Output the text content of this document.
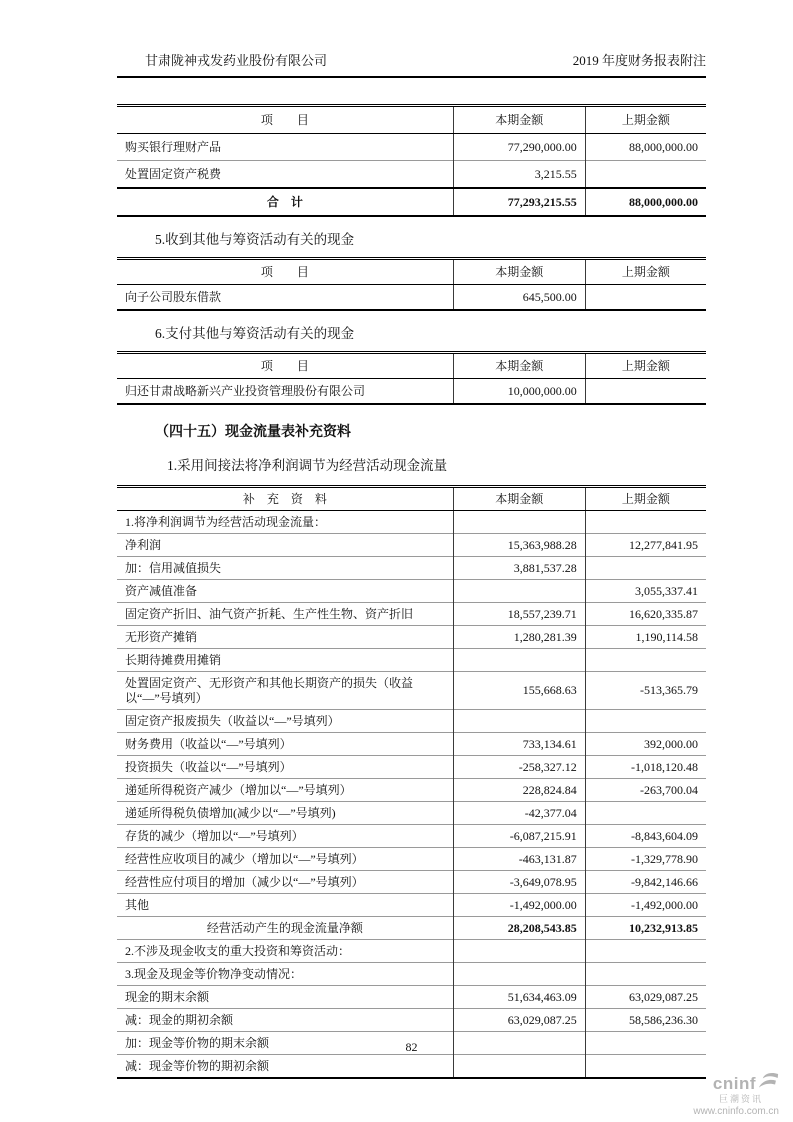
甘肃陇神戎发药业股份有限公司	2019 年度财务报表附注
项　　目	本期金额	上期金额
购买银行理财产品	77,290,000.00	88,000,000.00
处置固定资产税费	3,215.55	
合　计	77,293,215.55	88,000,000.00
5.收到其他与筹资活动有关的现金
项　　目	本期金额	上期金额
向子公司股东借款	645,500.00	
6.支付其他与筹资活动有关的现金
项　　目	本期金额	上期金额
归还甘肃战略新兴产业投资管理股份有限公司	10,000,000.00	
（四十五）现金流量表补充资料
1.采用间接法将净利润调节为经营活动现金流量
补　充　资　料	本期金额	上期金额
1.将净利润调节为经营活动现金流量：		
净利润	15,363,988.28	12,277,841.95
加：信用减值损失	3,881,537.28	
资产减值准备		3,055,337.41
固定资产折旧、油气资产折耗、生产性生物、资产折旧	18,557,239.71	16,620,335.87
无形资产摊销	1,280,281.39	1,190,114.58
长期待摊费用摊销		
处置固定资产、无形资产和其他长期资产的损失（收益以“—”号填列）	155,668.63	-513,365.79
固定资产报废损失（收益以“—”号填列）		
财务费用（收益以“—”号填列）	733,134.61	392,000.00
投资损失（收益以“—”号填列）	-258,327.12	-1,018,120.48
递延所得税资产减少（增加以“—”号填列）	228,824.84	-263,700.04
递延所得税负债增加(减少以“—”号填列)	-42,377.04	
存货的减少（增加以“—”号填列）	-6,087,215.91	-8,843,604.09
经营性应收项目的减少（增加以“—”号填列）	-463,131.87	-1,329,778.90
经营性应付项目的增加（减少以“—”号填列）	-3,649,078.95	-9,842,146.66
其他	-1,492,000.00	-1,492,000.00
经营活动产生的现金流量净额	28,208,543.85	10,232,913.85
2.不涉及现金收支的重大投资和筹资活动：		
3.现金及现金等价物净变动情况：		
现金的期末余额	51,634,463.09	63,029,087.25
减：现金的期初余额	63,029,087.25	58,586,236.30
加：现金等价物的期末余额		
减：现金等价物的期初余额		
82
cninf
巨潮资讯
www.cninfo.com.cn
